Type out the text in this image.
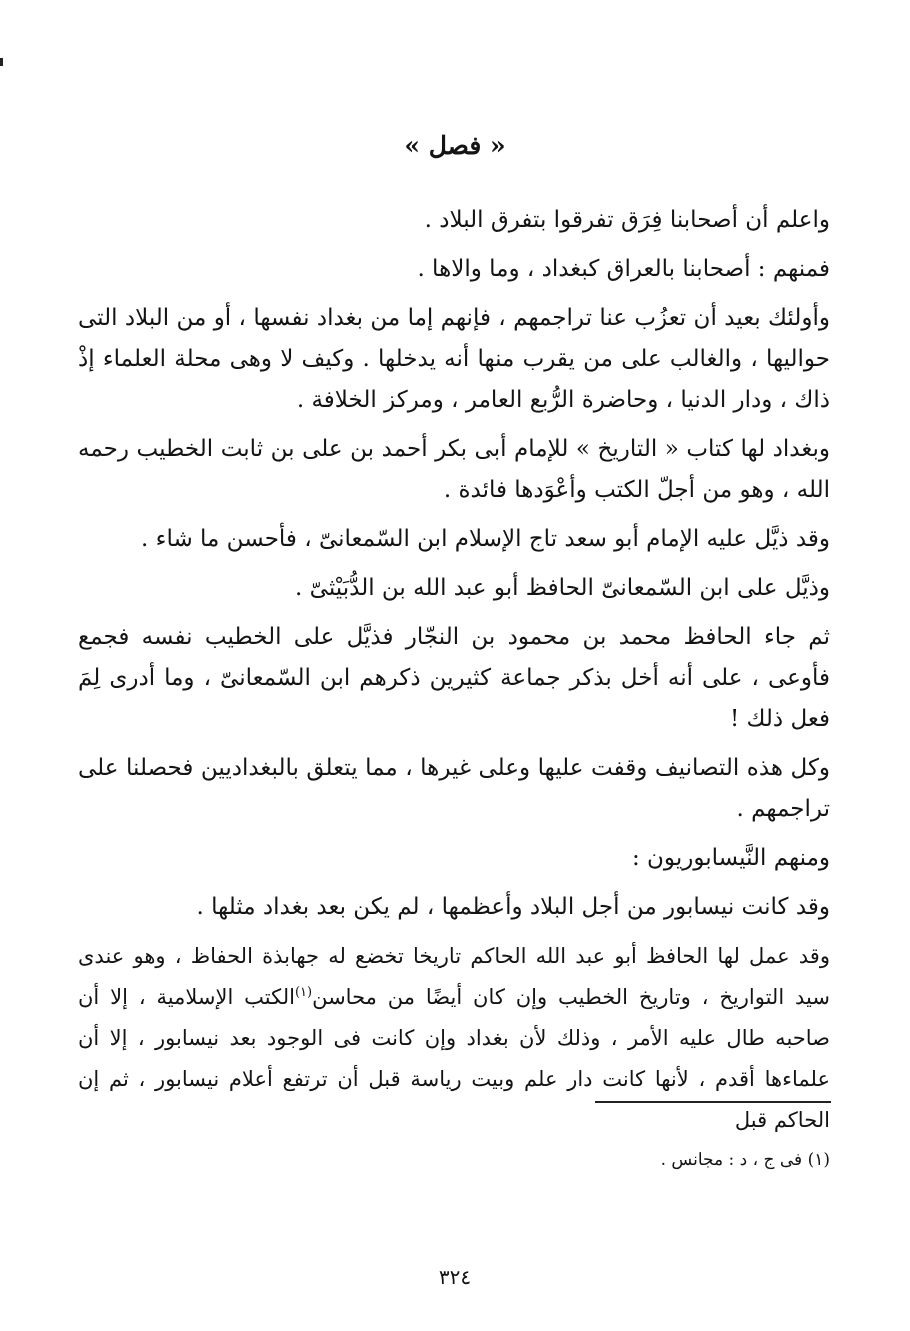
« فصل »

واعلم أن أصحابنا فِرَق تفرقوا بتفرق البلاد .

فمنهم : أصحابنا بالعراق كبغداد ، وما والاها .

وأولئك بعيد أن تعزُب عنا تراجمهم ، فإنهم إما من بغداد نفسها ، أو من البلاد التى حواليها ، والغالب على من يقرب منها أنه يدخلها . وكيف لا وهى محلة العلماء إذْ ذاك ، ودار الدنيا ، وحاضرة الرُّبع العامر ، ومركز الخلافة .

وبغداد لها كتاب « التاريخ » للإمام أبى بكر أحمد بن على بن ثابت الخطيب رحمه الله ، وهو من أجلّ الكتب وأعْوَدها فائدة .

وقد ذيَّل عليه الإمام أبو سعد تاج الإسلام ابن السّمعانىّ ، فأحسن ما شاء .

وذيَّل على ابن السّمعانىّ الحافظ أبو عبد الله بن الدُّبَيْثىّ .

ثم جاء الحافظ محمد بن محمود بن النجّار فذيَّل على الخطيب نفسه فجمع فأوعى ، على أنه أخل بذكر جماعة كثيرين ذكرهم ابن السّمعانىّ ، وما أدرى لِمَ فعل ذلك !

وكل هذه التصانيف وقفت عليها وعلى غيرها ، مما يتعلق بالبغداديين فحصلنا على تراجمهم .

ومنهم النَّيسابوريون :

وقد كانت نيسابور من أجل البلاد وأعظمها ، لم يكن بعد بغداد مثلها .

وقد عمل لها الحافظ أبو عبد الله الحاكم تاريخا تخضع له جهابذة الحفاظ ، وهو عندى سيد التواريخ ، وتاريخ الخطيب وإن كان أيضًا من محاسن$^{(١)}$الكتب الإسلامية ، إلا أن صاحبه طال عليه الأمر ، وذلك لأن بغداد وإن كانت فى الوجود بعد نيسابور ، إلا أن علماءها أقدم ، لأنها كانت دار علم وبيت رياسة قبل أن ترتفع أعلام نيسابور ، ثم إن الحاكم قبل

(١) فى ج ، د : مجانس .
٣٢٤
